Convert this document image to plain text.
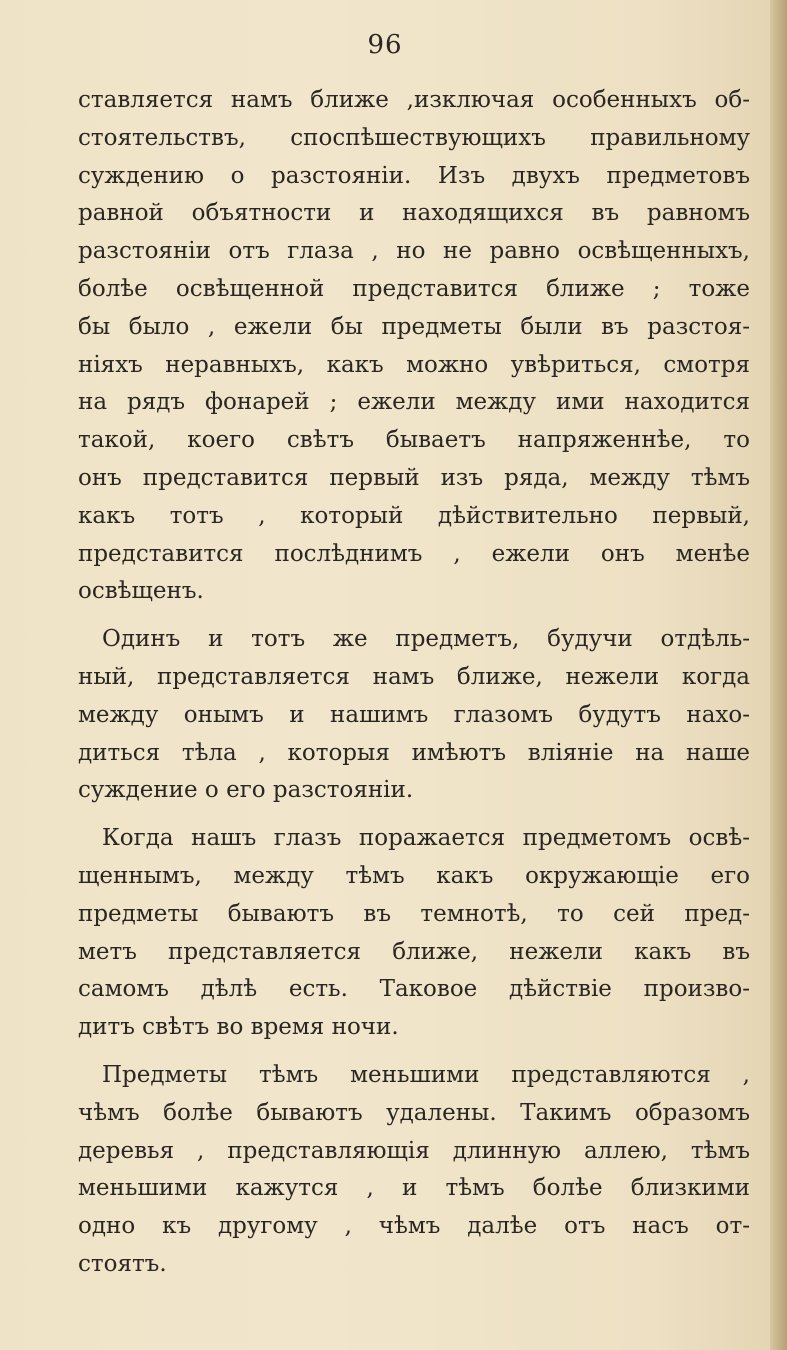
96
ставляется намъ ближе ,изключая особенныхъ об-
стоятельствъ, споспѣшествующихъ правильному
суждению о разстояніи. Изъ двухъ предметовъ
равной объятности и находящихся въ равномъ
разстояніи отъ глаза , но не равно освѣщенныхъ,
болѣе освѣщенной представится ближе ; тоже
бы было , ежели бы предметы были въ разстоя-
ніяхъ неравныхъ, какъ можно увѣриться, смотря
на рядъ фонарей ; ежели между ими находится
такой, коего свѣтъ бываетъ напряженнѣе, то
онъ представится первый изъ ряда, между тѣмъ
какъ тотъ , который дѣйствительно первый,
представится послѣднимъ , ежели онъ менѣе
освѣщенъ.
Одинъ и тотъ же предметъ, будучи отдѣль-
ный, представляется намъ ближе, нежели когда
между онымъ и нашимъ глазомъ будутъ нахо-
диться тѣла , которыя имѣютъ вліяніе на наше
суждение о его разстояніи.
Когда нашъ глазъ поражается предметомъ освѣ-
щеннымъ, между тѣмъ какъ окружающіе его
предметы бываютъ въ темнотѣ, то сей пред-
метъ представляется ближе, нежели какъ въ
самомъ дѣлѣ есть. Таковое дѣйствіе произво-
дитъ свѣтъ во время ночи.
Предметы тѣмъ меньшими представляются ,
чѣмъ болѣе бываютъ удалены. Такимъ образомъ
деревья , представляющія длинную аллею, тѣмъ
меньшими кажутся , и тѣмъ болѣе близкими
одно къ другому , чѣмъ далѣе отъ насъ от-
стоятъ.
